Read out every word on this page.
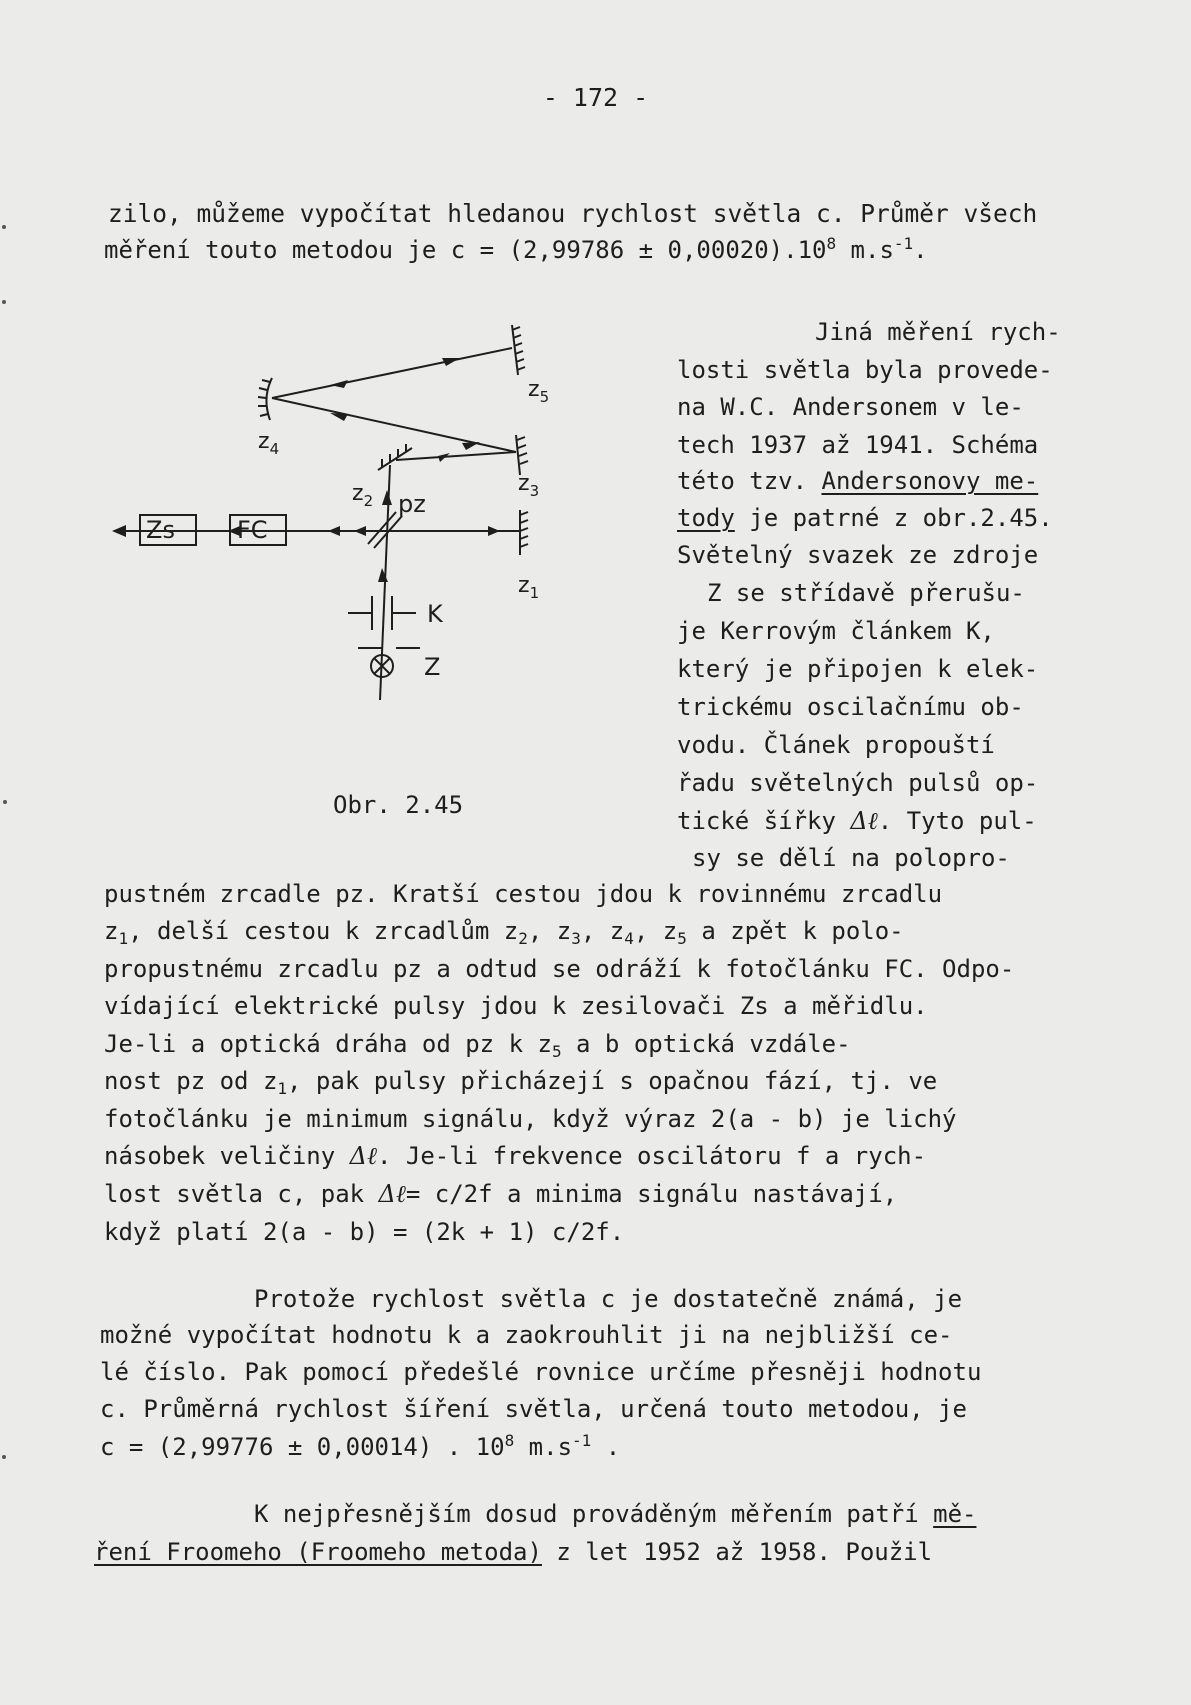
- 172 -
zilo, můžeme vypočítat hledanou rychlost světla c. Průměr všech
měření touto metodou je $c = (2,99786 \pm 0,00020).10^8$ $m.s^{-1}$.
Jiná měření rych-
losti světla byla provede-
na W.C. Andersonem v le-
tech 1937 až 1941. Schéma
této tzv. Andersonovy me-
tody je patrné z obr.2.45.
Světelný svazek ze zdroje
Z se střídavě přerušu-
je Kerrovým článkem K,
který je připojen k elek-
trickému oscilačnímu ob-
vodu. Článek propouští
řadu světelných pulsů op-
tické šířky Δℓ. Tyto pul-
sy se dělí na polopro-
Zs	FC
pz
K
Z
$z_5$
$z_4$
$z_3$
$z_2$
$z_1$
Obr. 2.45
pustném zrcadle pz. Kratší cestou jdou k rovinnému zrcadlu
$z_1$, delší cestou k zrcadlům $z_2$, $z_3$, $z_4$, $z_5$ a zpět k polo-
propustnému zrcadlu pz a odtud se odráží k fotočlánku FC. Odpo-
vídající elektrické pulsy jdou k zesilovači Zs a měřidlu.
Je-li a optická dráha od pz k $z_5$ a b optická vzdále-
nost pz od $z_1$, pak pulsy přicházejí s opačnou fází, tj. ve
fotočlánku je minimum signálu, když výraz 2(a - b) je lichý
násobek veličiny Δℓ. Je-li frekvence oscilátoru f a rych-
lost světla c, pak Δℓ= c/2f a minima signálu nastávají,
když platí 2(a - b) = (2k + 1) c/2f.
Protože rychlost světla c je dostatečně známá, je
možné vypočítat hodnotu k a zaokrouhlit ji na nejbližší ce-
lé číslo. Pak pomocí předešlé rovnice určíme přesněji hodnotu
c. Průměrná rychlost šíření světla, určená touto metodou, je
c = (2,99776 ± 0,00014) . $10^8$ $m.s^{-1}$ .
K nejpřesnějším dosud prováděným měřením patří mě-
ření Froomeho (Froomeho metoda) z let 1952 až 1958. Použil
